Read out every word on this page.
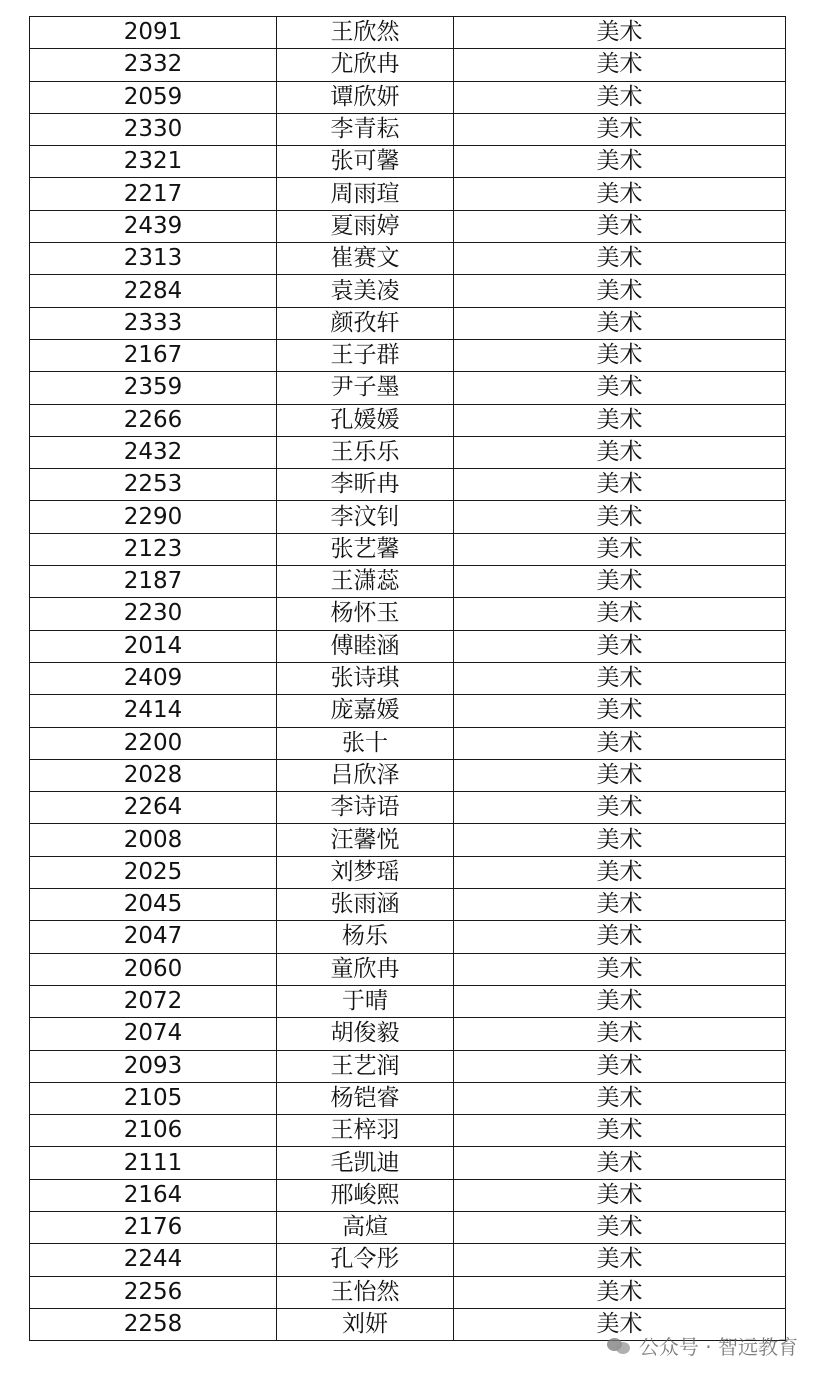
2091	王欣然	美术
2332	尤欣冉	美术
2059	谭欣妍	美术
2330	李青耘	美术
2321	张可馨	美术
2217	周雨瑄	美术
2439	夏雨婷	美术
2313	崔赛文	美术
2284	袁美凌	美术
2333	颜孜轩	美术
2167	王子群	美术
2359	尹子墨	美术
2266	孔媛媛	美术
2432	王乐乐	美术
2253	李昕冉	美术
2290	李汶钊	美术
2123	张艺馨	美术
2187	王潇蕊	美术
2230	杨怀玉	美术
2014	傅睦涵	美术
2409	张诗琪	美术
2414	庞嘉媛	美术
2200	张十	美术
2028	吕欣泽	美术
2264	李诗语	美术
2008	汪馨悦	美术
2025	刘梦瑶	美术
2045	张雨涵	美术
2047	杨乐	美术
2060	童欣冉	美术
2072	于晴	美术
2074	胡俊毅	美术
2093	王艺润	美术
2105	杨铠睿	美术
2106	王梓羽	美术
2111	毛凯迪	美术
2164	邢峻熙	美术
2176	高煊	美术
2244	孔令彤	美术
2256	王怡然	美术
2258	刘妍	美术
公众号 · 智远教育
